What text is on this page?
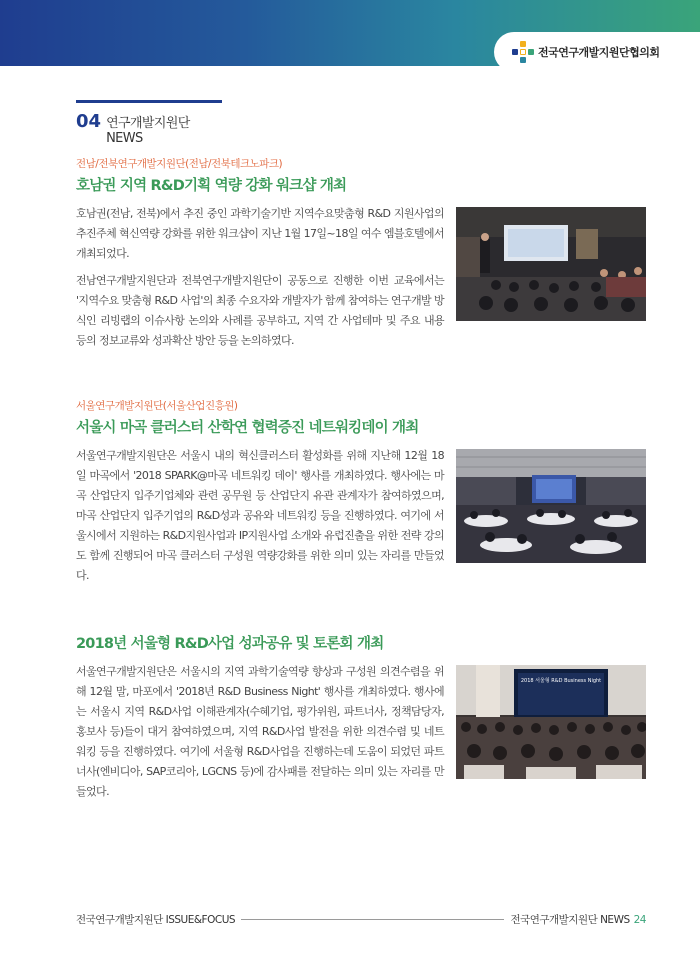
전국연구개발지원단협의회
04 연구개발지원단 NEWS
전남/전북연구개발지원단(전남/전북테크노파크)
호남권 지역 R&D기획 역량 강화 워크샵 개최

호남권(전남, 전북)에서 추진 중인 과학기술기반 지역수요맞춤형 R&D 지원사업의 추진주체 혁신역량 강화를 위한 워크샵이 지난 1월 17일~18일 여수 엠블호텔에서 개최되었다.

전남연구개발지원단과 전북연구개발지원단이 공동으로 진행한 이번 교육에서는 '지역수요 맞춤형 R&D 사업'의 최종 수요자와 개발자가 함께 참여하는 연구개발 방식인 리빙랩의 이슈사항 논의와 사례를 공부하고, 지역 간 사업테마 및 주요 내용 등의 정보교류와 성과확산 방안 등을 논의하였다.

서울연구개발지원단(서울산업진흥원)
서울시 마곡 클러스터 산학연 협력증진 네트워킹데이 개최

서울연구개발지원단은 서울시 내의 혁신클러스터 활성화를 위해 지난해 12월 18일 마곡에서 '2018 SPARK@마곡 네트워킹 데이' 행사를 개최하였다. 행사에는 마곡 산업단지 입주기업체와 관련 공무원 등 산업단지 유관 관계자가 참여하였으며, 마곡 산업단지 입주기업의 R&D성과 공유와 네트워킹 등을 진행하였다. 여기에 서울시에서 지원하는 R&D지원사업과 IP지원사업 소개와 유럽진출을 위한 전략 강의도 함께 진행되어 마곡 클러스터 구성원 역량강화를 위한 의미 있는 자리를 만들었다.

2018년 서울형 R&D사업 성과공유 및 토론회 개최

서울연구개발지원단은 서울시의 지역 과학기술역량 향상과 구성원 의견수렴을 위해 12월 말, 마포에서 '2018년 R&D Business Night' 행사를 개최하였다. 행사에는 서울시 지역 R&D사업 이해관계자(수혜기업, 평가위원, 파트너사, 정책담당자, 홍보사 등)들이 대거 참여하였으며, 지역 R&D사업 발전을 위한 의견수렴 및 네트워킹 등을 진행하였다. 여기에 서울형 R&D사업을 진행하는데 도움이 되었던 파트너사(엔비디아, SAP코리아, LGCNS 등)에 감사패를 전달하는 의미 있는 자리를 만들었다.

2018 서울형 R&D Business Night
전국연구개발지원단 ISSUE&FOCUS	전국연구개발지원단 NEWS 24
